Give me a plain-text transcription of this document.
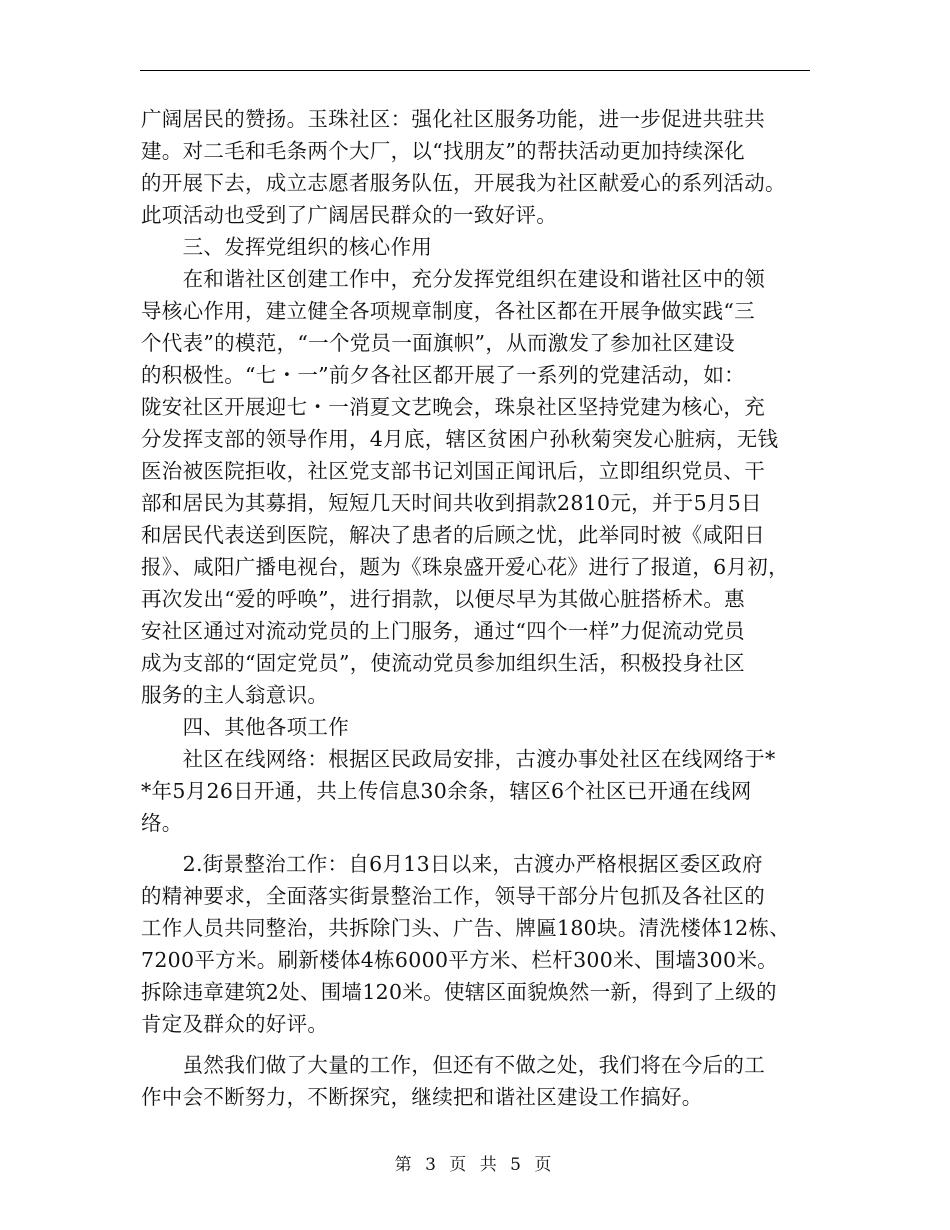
广阔居民的赞扬。玉珠社区：强化社区服务功能，进一步促进共驻共
建。对二毛和毛条两个大厂，以“找朋友”的帮扶活动更加持续深化
的开展下去，成立志愿者服务队伍，开展我为社区献爱心的系列活动。
此项活动也受到了广阔居民群众的一致好评。
　　三、发挥党组织的核心作用
　　在和谐社区创建工作中，充分发挥党组织在建设和谐社区中的领
导核心作用，建立健全各项规章制度，各社区都在开展争做实践“三
个代表”的模范，“一个党员一面旗帜”，从而激发了参加社区建设
的积极性。“七・一”前夕各社区都开展了一系列的党建活动，如：
陇安社区开展迎七・一消夏文艺晚会，珠泉社区坚持党建为核心，充
分发挥支部的领导作用，4月底，辖区贫困户孙秋菊突发心脏病，无钱
医治被医院拒收，社区党支部书记刘国正闻讯后，立即组织党员、干
部和居民为其募捐，短短几天时间共收到捐款2810元，并于5月5日
和居民代表送到医院，解决了患者的后顾之忧，此举同时被《咸阳日
报》、咸阳广播电视台，题为《珠泉盛开爱心花》进行了报道，6月初，
再次发出“爱的呼唤”，进行捐款，以便尽早为其做心脏搭桥术。惠
安社区通过对流动党员的上门服务，通过“四个一样”力促流动党员
成为支部的“固定党员”，使流动党员参加组织生活，积极投身社区
服务的主人翁意识。
　　四、其他各项工作
　　社区在线网络：根据区民政局安排，古渡办事处社区在线网络于*
*年5月26日开通，共上传信息30余条，辖区6个社区已开通在线网
络。
　　2.街景整治工作：自6月13日以来，古渡办严格根据区委区政府
的精神要求，全面落实街景整治工作，领导干部分片包抓及各社区的
工作人员共同整治，共拆除门头、广告、牌匾180块。清洗楼体12栋、
7200平方米。刷新楼体4栋6000平方米、栏杆300米、围墙300米。
拆除违章建筑2处、围墙120米。使辖区面貌焕然一新，得到了上级的
肯定及群众的好评。
　　虽然我们做了大量的工作，但还有不做之处，我们将在今后的工
作中会不断努力，不断探究，继续把和谐社区建设工作搞好。
第 3 页 共 5 页
